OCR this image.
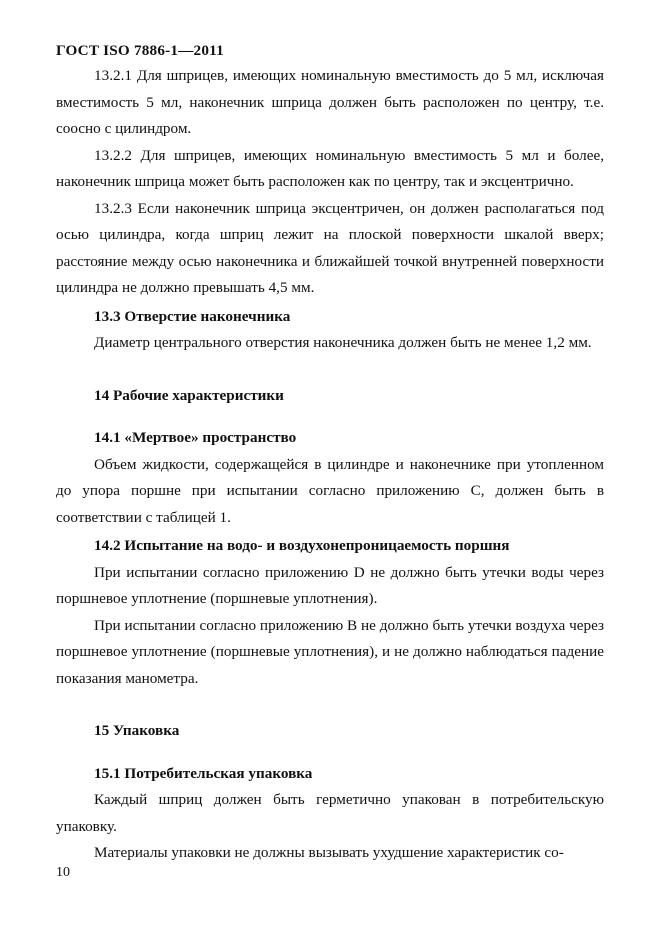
ГОСТ ISO 7886-1—2011

13.2.1 Для шприцев, имеющих номинальную вместимость до 5 мл, исключая вместимость 5 мл, наконечник шприца должен быть расположен по центру, т.е. соосно с цилиндром.

13.2.2 Для шприцев, имеющих номинальную вместимость 5 мл и более, наконечник шприца может быть расположен как по центру, так и эксцентрично.

13.2.3 Если наконечник шприца эксцентричен, он должен располагаться под осью цилиндра, когда шприц лежит на плоской поверхности шкалой вверх; расстояние между осью наконечника и ближайшей точкой внутренней поверхности цилиндра не должно превышать 4,5 мм.

13.3 Отверстие наконечника

Диаметр центрального отверстия наконечника должен быть не менее 1,2 мм.

14 Рабочие характеристики

14.1 «Мертвое» пространство

Объем жидкости, содержащейся в цилиндре и наконечнике при утопленном до упора поршне при испытании согласно приложению С, должен быть в соответствии с таблицей 1.

14.2 Испытание на водо- и воздухонепроницаемость поршня

При испытании согласно приложению D не должно быть утечки воды через поршневое уплотнение (поршневые уплотнения).

При испытании согласно приложению В не должно быть утечки воздуха через поршневое уплотнение (поршневые уплотнения), и не должно наблюдаться падение показания манометра.

15 Упаковка

15.1 Потребительская упаковка

Каждый шприц должен быть герметично упакован в потребительскую упаковку.

Материалы упаковки не должны вызывать ухудшение характеристик со-

10
